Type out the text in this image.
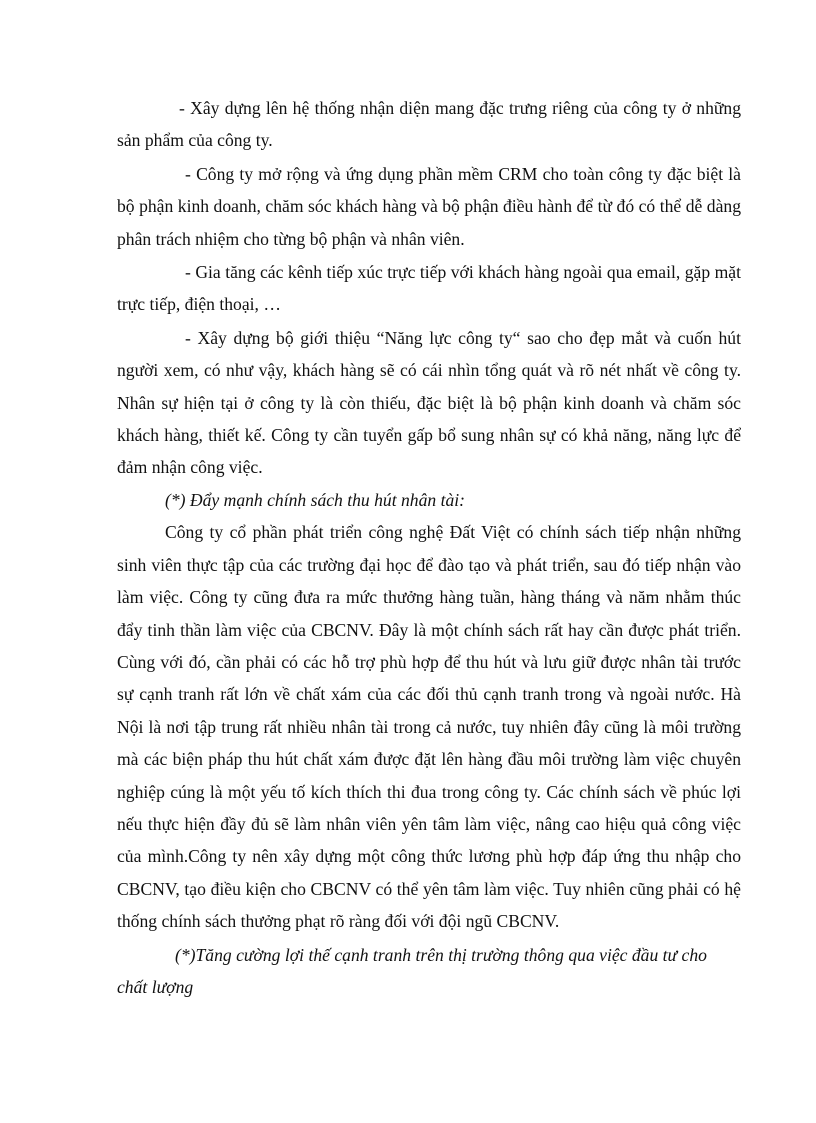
- Xây dựng lên hệ thống nhận diện mang đặc trưng riêng của công ty ở những sản phẩm của công ty.

- Công ty mở rộng và ứng dụng phần mềm CRM cho toàn công ty đặc biệt là bộ phận kinh doanh, chăm sóc khách hàng và bộ phận điều hành để từ đó có thể dễ dàng phân trách nhiệm cho từng bộ phận và nhân viên.

- Gia tăng các kênh tiếp xúc trực tiếp với khách hàng ngoài qua email, gặp mặt trực tiếp, điện thoại, …

- Xây dựng bộ giới thiệu “Năng lực công ty“ sao cho đẹp mắt và cuốn hút người xem, có như vậy, khách hàng sẽ có cái nhìn tổng quát và rõ nét nhất về công ty. Nhân sự hiện tại ở công ty là còn thiếu, đặc biệt là bộ phận kinh doanh và chăm sóc khách hàng, thiết kế. Công ty cần tuyển gấp bổ sung nhân sự có khả năng, năng lực để đảm nhận công việc.

(*) Đẩy mạnh chính sách thu hút nhân tài:

Công ty cổ phần phát triển công nghệ Đất Việt có chính sách tiếp nhận những sinh viên thực tập của các trường đại học để đào tạo và phát triển, sau đó tiếp nhận vào làm việc. Công ty cũng đưa ra mức thưởng hàng tuần, hàng tháng và năm nhằm thúc đẩy tinh thần làm việc của CBCNV. Đây là một chính sách rất hay cần được phát triển. Cùng với đó, cần phải có các hỗ trợ phù hợp để thu hút và lưu giữ được nhân tài trước sự cạnh tranh rất lớn về chất xám của các đối thủ cạnh tranh trong và ngoài nước. Hà Nội là nơi tập trung rất nhiều nhân tài trong cả nước, tuy nhiên đây cũng là môi trường mà các biện pháp thu hút chất xám được đặt lên hàng đầu môi trường làm việc chuyên nghiệp cúng là một yếu tố kích thích thi đua trong công ty. Các chính sách về phúc lợi nếu thực hiện đầy đủ sẽ làm nhân viên yên tâm làm việc, nâng cao hiệu quả công việc của mình.Công ty nên xây dựng một công thức lương phù hợp đáp ứng thu nhập cho CBCNV, tạo điều kiện cho CBCNV có thể yên tâm làm việc. Tuy nhiên cũng phải có hệ thống chính sách thưởng phạt rõ ràng đối với đội ngũ CBCNV.

(*)Tăng cường lợi thế cạnh tranh trên thị trường thông qua việc đầu tư cho chất lượng
